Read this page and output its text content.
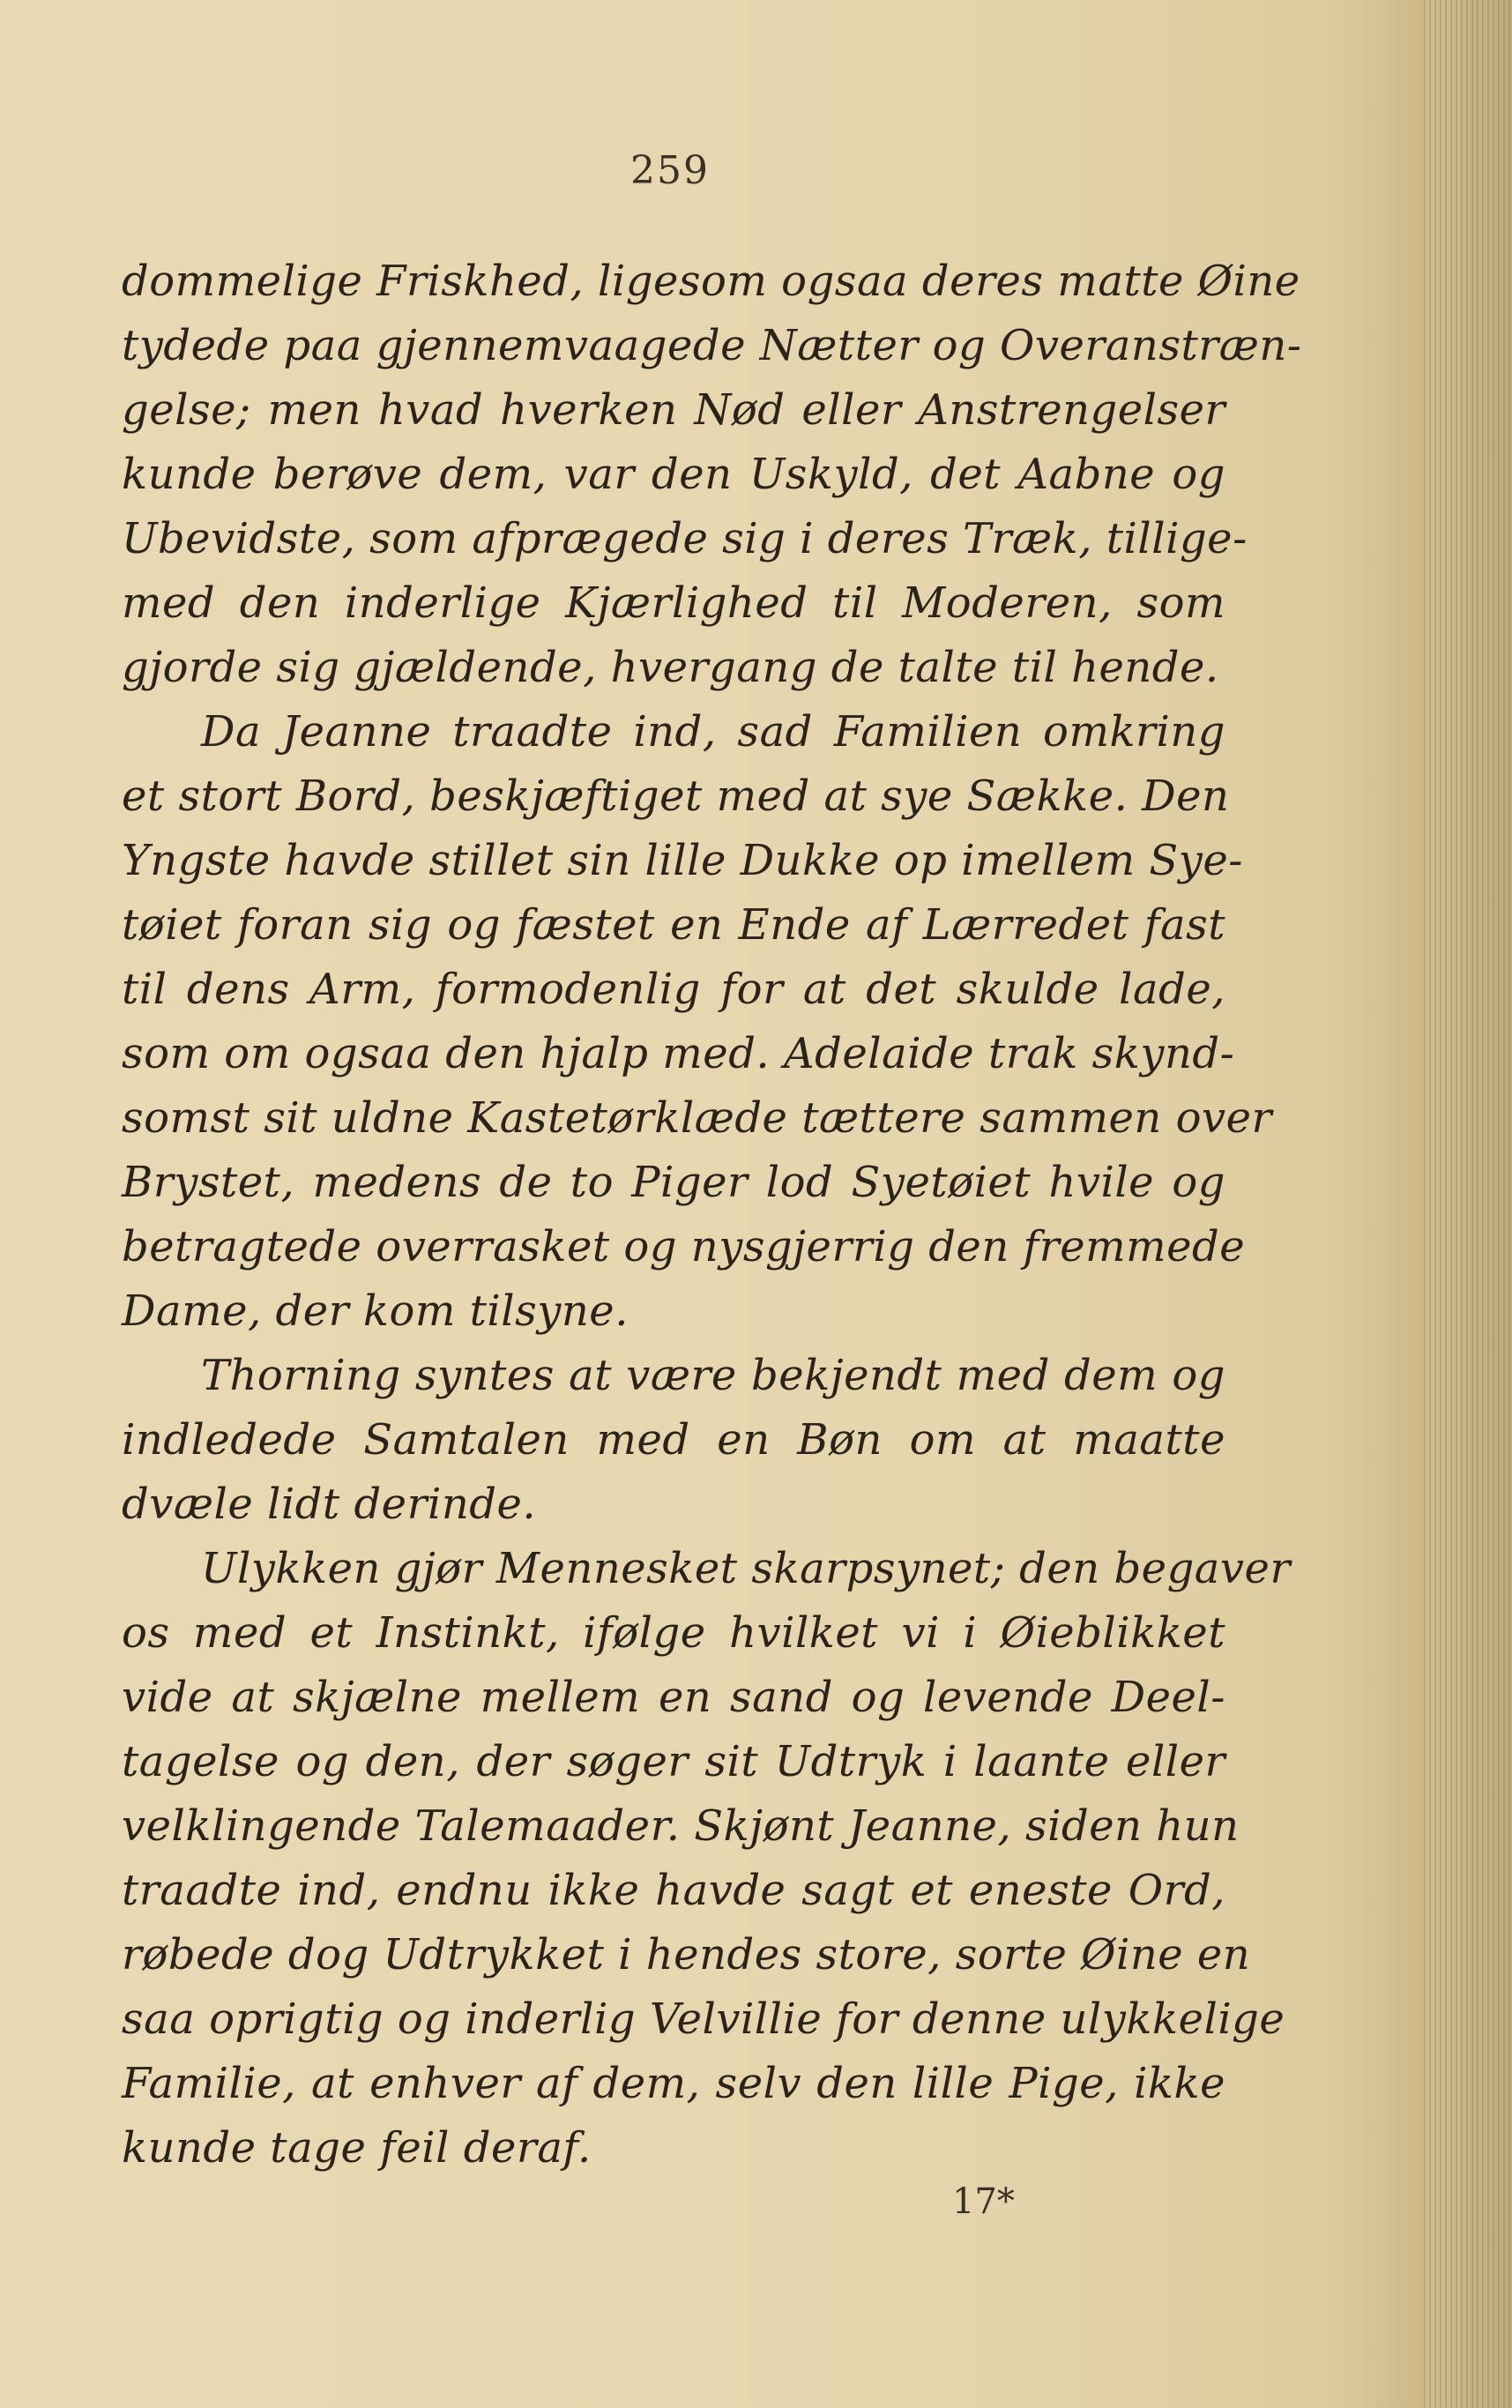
259
dommelige Friskhed, ligesom ogsaa deres matte Øine
tydede paa gjennemvaagede Nætter og Overanstræn-
gelse; men hvad hverken Nød eller Anstrengelser
kunde berøve dem, var den Uskyld, det Aabne og
Ubevidste, som afprægede sig i deres Træk, tillige-
med den inderlige Kjærlighed til Moderen, som
gjorde sig gjældende, hvergang de talte til hende.
Da Jeanne traadte ind, sad Familien omkring
et stort Bord, beskjæftiget med at sye Sække. Den
Yngste havde stillet sin lille Dukke op imellem Sye-
tøiet foran sig og fæstet en Ende af Lærredet fast
til dens Arm, formodenlig for at det skulde lade,
som om ogsaa den hjalp med. Adelaide trak skynd-
somst sit uldne Kastetørklæde tættere sammen over
Brystet, medens de to Piger lod Syetøiet hvile og
betragtede overrasket og nysgjerrig den fremmede
Dame, der kom tilsyne.
Thorning syntes at være bekjendt med dem og
indledede Samtalen med en Bøn om at maatte
dvæle lidt derinde.
Ulykken gjør Mennesket skarpsynet; den begaver
os med et Instinkt, ifølge hvilket vi i Øieblikket
vide at skjælne mellem en sand og levende Deel-
tagelse og den, der søger sit Udtryk i laante eller
velklingende Talemaader. Skjønt Jeanne, siden hun
traadte ind, endnu ikke havde sagt et eneste Ord,
røbede dog Udtrykket i hendes store, sorte Øine en
saa oprigtig og inderlig Velvillie for denne ulykkelige
Familie, at enhver af dem, selv den lille Pige, ikke
kunde tage feil deraf.
17*
